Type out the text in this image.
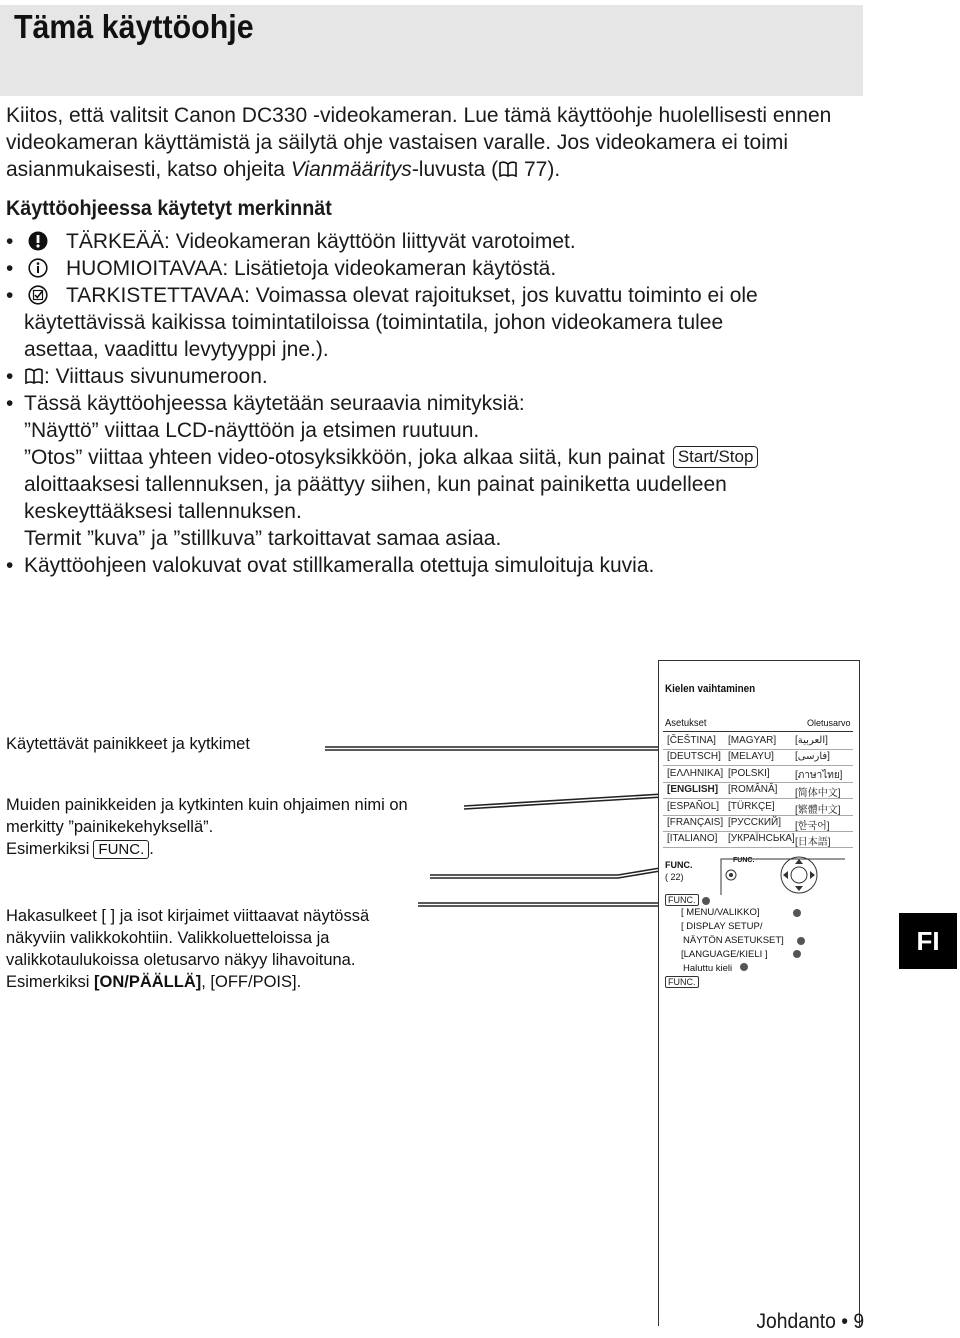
Tämä käyttöohje
Kiitos, että valitsit Canon DC330 -videokameran. Lue tämä käyttöohje huolellisesti ennen videokameran käyttämistä ja säilytä ohje vastaisen varalle. Jos videokamera ei toimi asianmukaisesti, katso ohjeita Vianmääritys-luvusta ( 77).
Käyttöohjeessa käytetyt merkinnät
•	TÄRKEÄÄ: Videokameran käyttöön liittyvät varotoimet.
•	HUOMIOITAVAA: Lisätietoja videokameran käytöstä.
•	TARKISTETTAVAA: Voimassa olevat rajoitukset, jos kuvattu toiminto ei ole
käytettävissä kaikissa toimintatiloissa (toimintatila, johon videokamera tulee
asettaa, vaadittu levytyyppi jne.).
• : Viittaus sivunumeroon.
• Tässä käyttöohjeessa käytetään seuraavia nimityksiä:
”Näyttö” viittaa LCD-näyttöön ja etsimen ruutuun.
”Otos” viittaa yhteen video-otosyksikköön, joka alkaa siitä, kun painat Start/Stop
aloittaaksesi tallennuksen, ja päättyy siihen, kun painat painiketta uudelleen
keskeyttääksesi tallennuksen.
Termit ”kuva” ja ”stillkuva” tarkoittavat samaa asiaa.
• Käyttöohjeen valokuvat ovat stillkameralla otettuja simuloituja kuvia.
Käytettävät painikkeet ja kytkimet
Muiden painikkeiden ja kytkinten kuin ohjaimen nimi on
merkitty ”painikekehyksellä”.
Esimerkiksi FUNC. .
Hakasulkeet [ ] ja isot kirjaimet viittaavat näytössä
näkyviin valikkokohtiin. Valikkoluetteloissa ja
valikkotaulukoissa oletusarvo näkyy lihavoituna.
Esimerkiksi [ON/PÄÄLLÄ], [OFF/POIS].
Kielen vaihtaminen
Asetukset	Oletusarvo
[ČEŠTINA] [MAGYAR] [العربية]
[DEUTSCH] [MELAYU] [فارسی]
[ΕΛΛΗΝΙΚΑ] [POLSKI]	[ภาษาไทย]
[ENGLISH] [ROMÂNĂ] [简体中文]
[ESPAÑOL] [TÜRKÇE] [繁體中文]
[FRANÇAIS] [РУССКИЙ] [한국어]
[ITALIANO] [УКРАЇНСЬКА] [日本語]
FUNC.
( 22)
FUNC.
FUNC.
[ MENU/VALIKKO]
[ DISPLAY SETUP/
NÄYTÖN ASETUKSET]
[LANGUAGE/KIELI ]
Haluttu kieli
FUNC.
FI
Johdanto • 9
